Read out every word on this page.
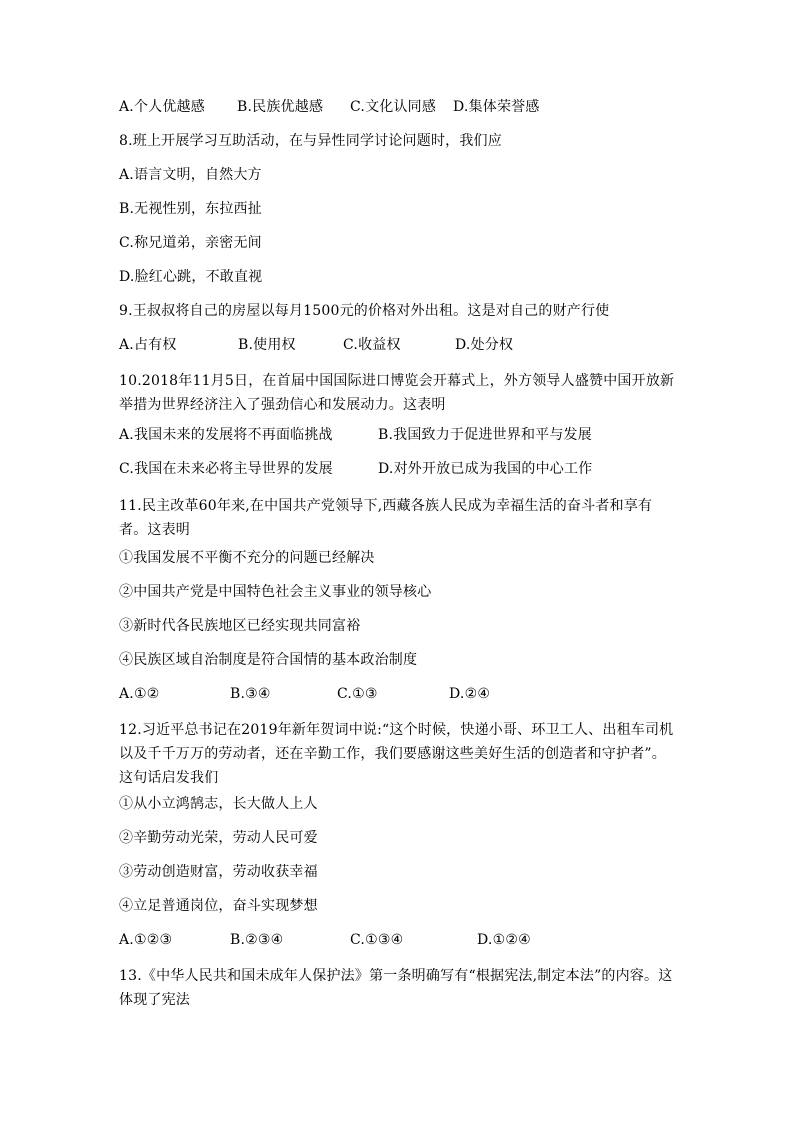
A.个人优越感 B.民族优越感 C.文化认同感 D.集体荣誉感
8.班上开展学习互助活动，在与异性同学讨论问题时，我们应
A.语言文明，自然大方
B.无视性别，东拉西扯
C.称兄道弟，亲密无间
D.脸红心跳，不敢直视
9.王叔叔将自己的房屋以每月1500元的价格对外出租。这是对自己的财产行使
A.占有权	B.使用权	C.收益权	D.处分权
10.2018年11月5日，在首届中国国际进口博览会开幕式上，外方领导人盛赞中国开放新举措为世界经济注入了强劲信心和发展动力。这表明
A.我国未来的发展将不再面临挑战	B.我国致力于促进世界和平与发展
C.我国在未来必将主导世界的发展	D.对外开放已成为我国的中心工作
11.民主改革60年来,在中国共产党领导下,西藏各族人民成为幸福生活的奋斗者和享有者。这表明
①我国发展不平衡不充分的问题已经解决
②中国共产党是中国特色社会主义事业的领导核心
③新时代各民族地区已经实现共同富裕
④民族区域自治制度是符合国情的基本政治制度
A.①②	B.③④	C.①③	D.②④
12.习近平总书记在2019年新年贺词中说:“这个时候，快递小哥、环卫工人、出租车司机以及千千万万的劳动者，还在辛勤工作，我们要感谢这些美好生活的创造者和守护者”。这句话启发我们
①从小立鸿鹄志，长大做人上人
②辛勤劳动光荣，劳动人民可爱
③劳动创造财富，劳动收获幸福
④立足普通岗位，奋斗实现梦想
A.①②③	B.②③④	C.①③④	D.①②④
13.《中华人民共和国未成年人保护法》第一条明确写有“根据宪法,制定本法”的内容。这体现了宪法
